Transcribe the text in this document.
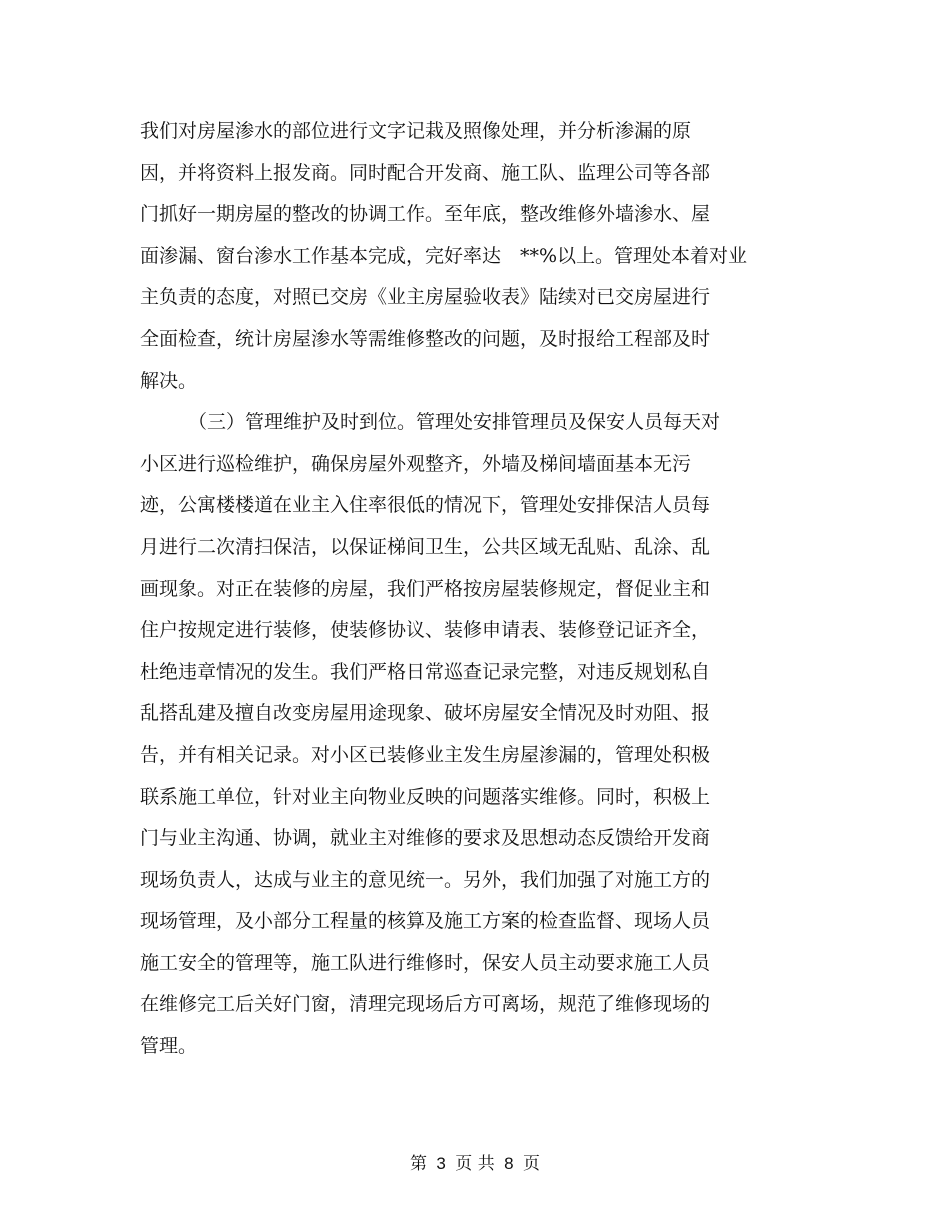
我们对房屋渗水的部位进行文字记栽及照像处理，并分析渗漏的原
因，并将资料上报发商。同时配合开发商、施工队、监理公司等各部
门抓好一期房屋的整改的协调工作。至年底，整改维修外墙渗水、屋
面渗漏、窗台渗水工作基本完成，完好率达　**%以上。管理处本着对业
主负责的态度，对照已交房《业主房屋验收表》陆续对已交房屋进行
全面检查，统计房屋渗水等需维修整改的问题，及时报给工程部及时
解决。
（三）管理维护及时到位。管理处安排管理员及保安人员每天对
小区进行巡检维护，确保房屋外观整齐，外墙及梯间墙面基本无污
迹，公寓楼楼道在业主入住率很低的情况下，管理处安排保洁人员每
月进行二次清扫保洁，以保证梯间卫生，公共区域无乱贴、乱涂、乱
画现象。对正在装修的房屋，我们严格按房屋装修规定，督促业主和
住户按规定进行装修，使装修协议、装修申请表、装修登记证齐全，
杜绝违章情况的发生。我们严格日常巡查记录完整，对违反规划私自
乱搭乱建及擅自改变房屋用途现象、破坏房屋安全情况及时劝阻、报
告，并有相关记录。对小区已装修业主发生房屋渗漏的，管理处积极
联系施工单位，针对业主向物业反映的问题落实维修。同时，积极上
门与业主沟通、协调，就业主对维修的要求及思想动态反馈给开发商
现场负责人，达成与业主的意见统一。另外，我们加强了对施工方的
现场管理，及小部分工程量的核算及施工方案的检查监督、现场人员
施工安全的管理等，施工队进行维修时，保安人员主动要求施工人员
在维修完工后关好门窗，清理完现场后方可离场，规范了维修现场的
管理。
第 3 页 共 8 页
